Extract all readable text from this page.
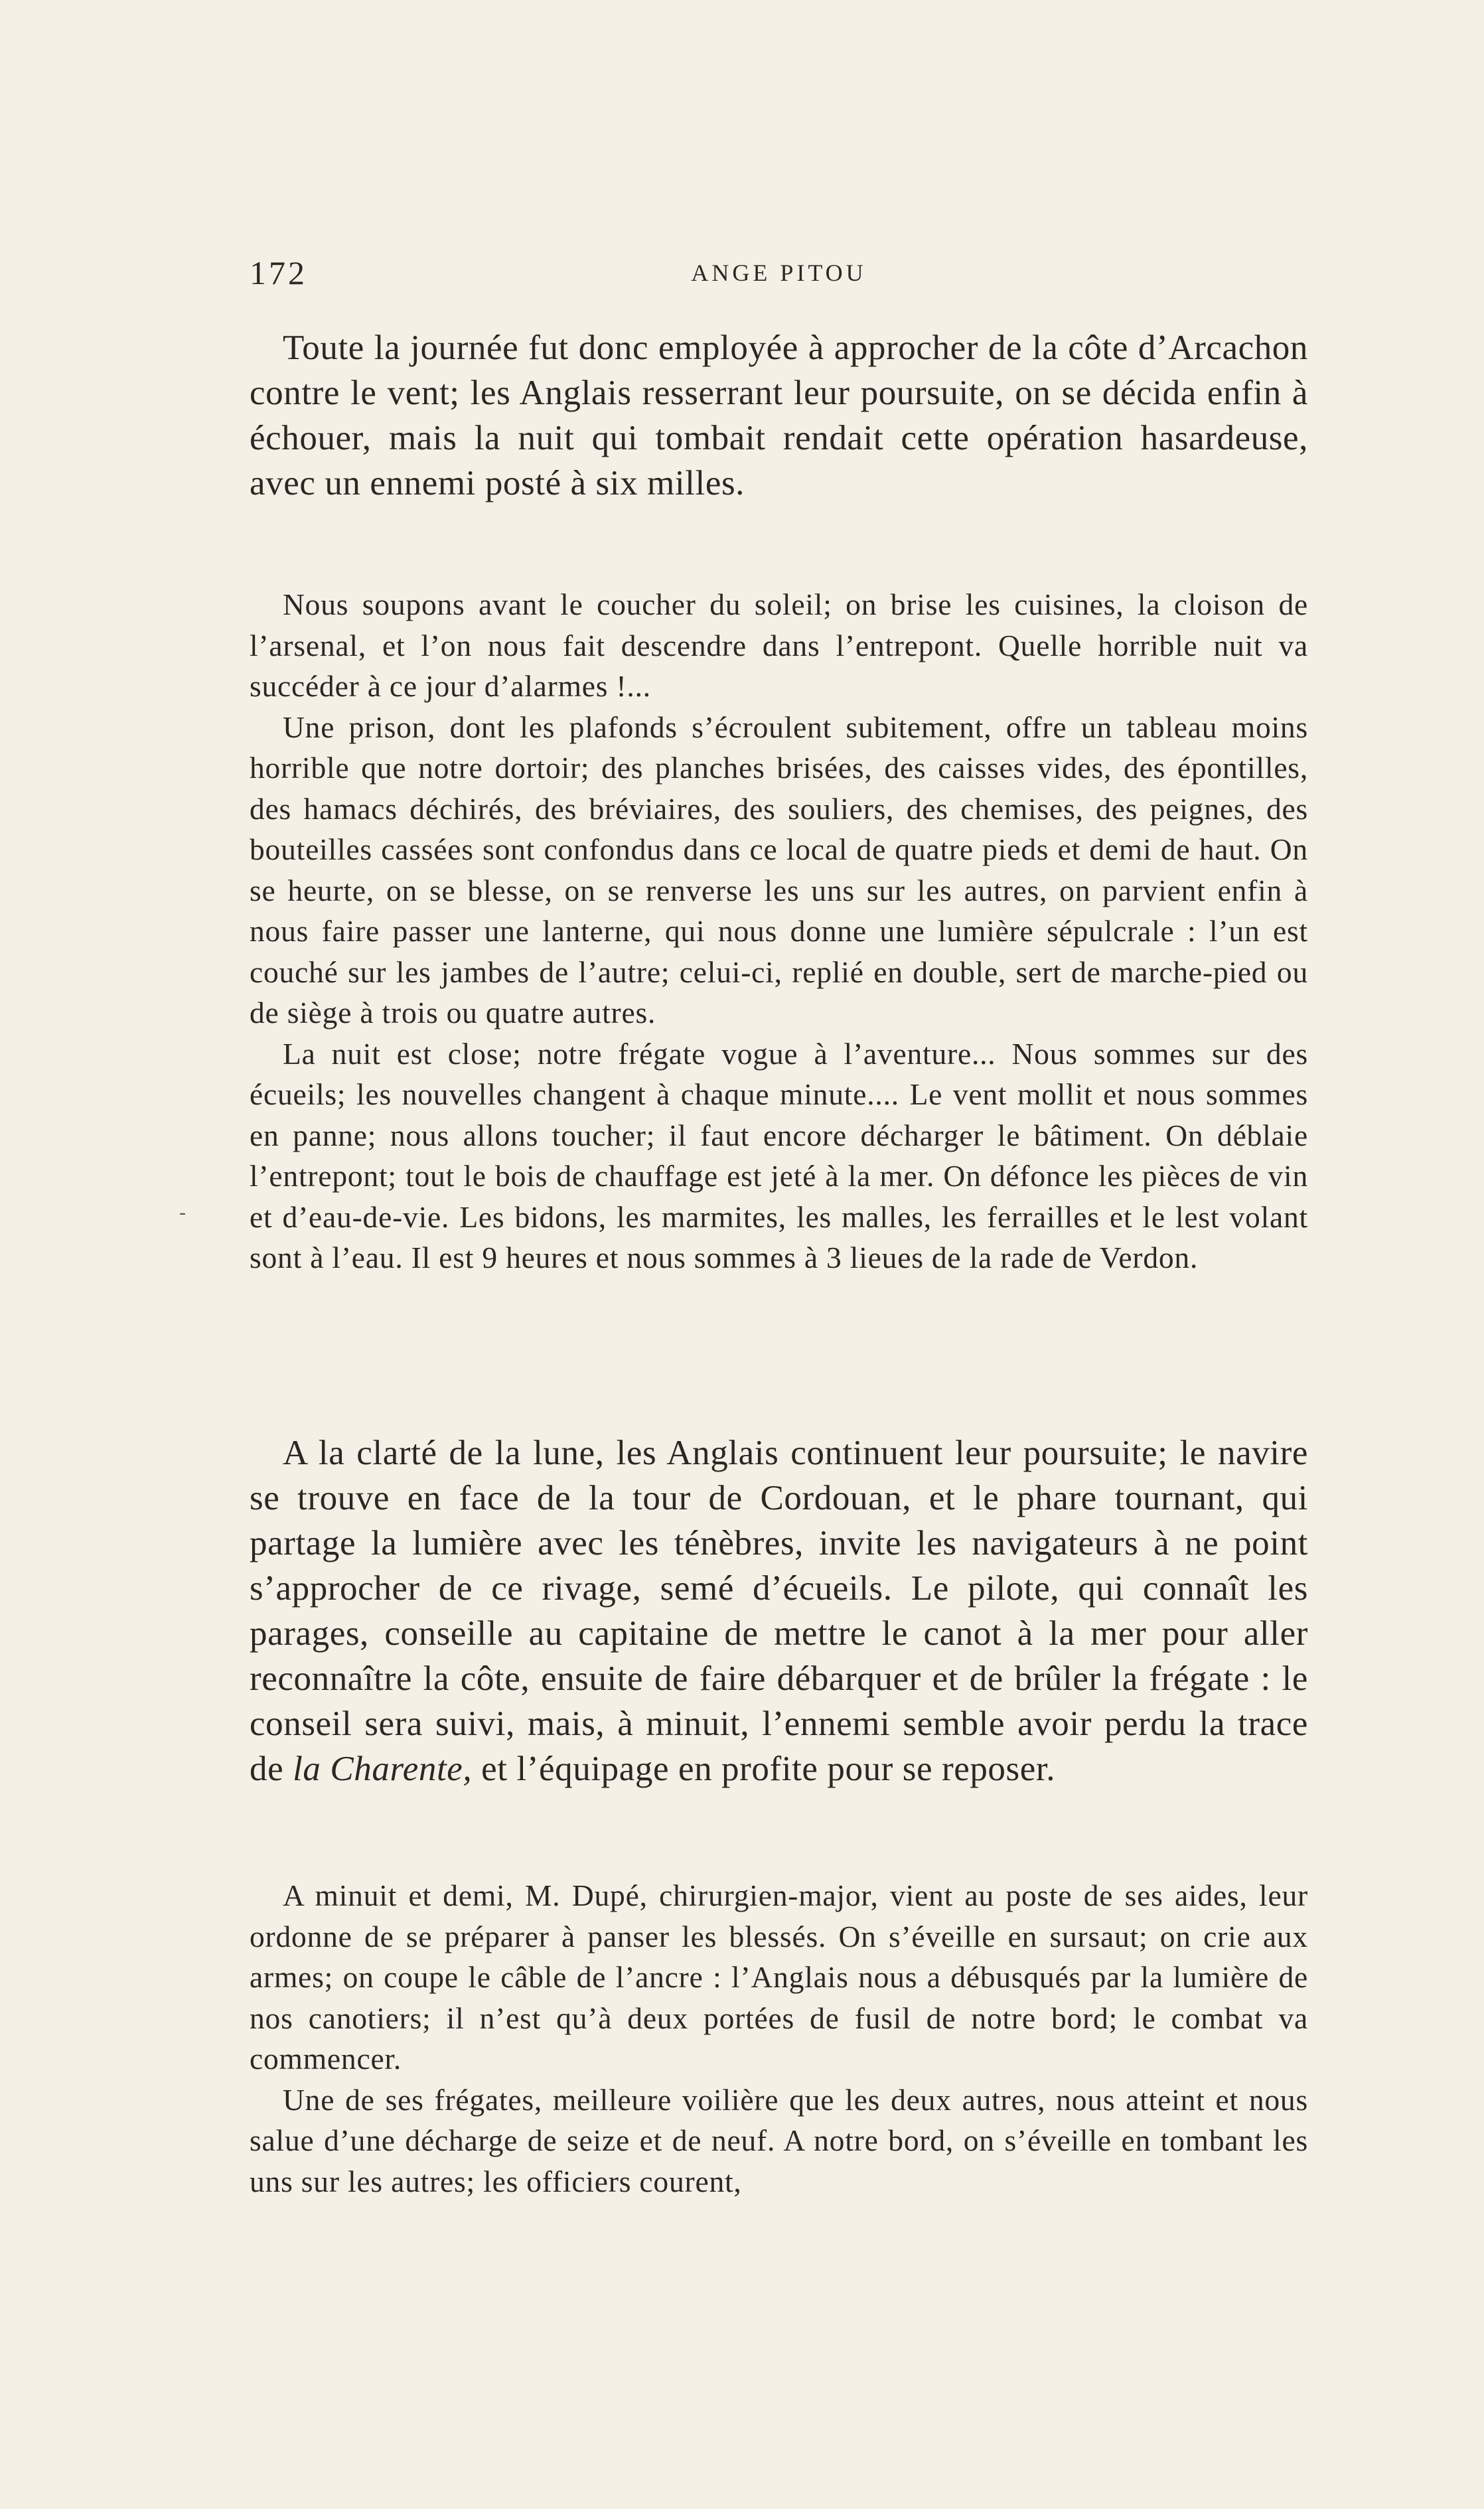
172	ANGE PITOU
-

Toute la journée fut donc employée à approcher de la côte d’Arcachon contre le vent; les Anglais resserrant leur poursuite, on se décida enfin à échouer, mais la nuit qui tombait rendait cette opération hasardeuse, avec un ennemi posté à six milles.

Nous soupons avant le coucher du soleil; on brise les cuisines, la cloison de l’arsenal, et l’on nous fait descendre dans l’entrepont. Quelle horrible nuit va succéder à ce jour d’alarmes !...

Une prison, dont les plafonds s’écroulent subitement, offre un tableau moins horrible que notre dortoir; des planches brisées, des caisses vides, des épontilles, des hamacs déchirés, des bréviaires, des souliers, des chemises, des peignes, des bouteilles cassées sont confondus dans ce local de quatre pieds et demi de haut. On se heurte, on se blesse, on se renverse les uns sur les autres, on parvient enfin à nous faire passer une lanterne, qui nous donne une lumière sépulcrale : l’un est couché sur les jambes de l’autre; celui-ci, replié en double, sert de marche-pied ou de siège à trois ou quatre autres.

La nuit est close; notre frégate vogue à l’aventure... Nous sommes sur des écueils; les nouvelles changent à chaque minute.... Le vent mollit et nous sommes en panne; nous allons toucher; il faut encore décharger le bâtiment. On déblaie l’entrepont; tout le bois de chauffage est jeté à la mer. On défonce les pièces de vin et d’eau-de-vie. Les bidons, les marmites, les malles, les ferrailles et le lest volant sont à l’eau. Il est 9 heures et nous sommes à 3 lieues de la rade de Verdon.

A la clarté de la lune, les Anglais continuent leur poursuite; le navire se trouve en face de la tour de Cordouan, et le phare tournant, qui partage la lumière avec les ténèbres, invite les navigateurs à ne point s’approcher de ce rivage, semé d’écueils. Le pilote, qui connaît les parages, conseille au capitaine de mettre le canot à la mer pour aller reconnaître la côte, ensuite de faire débarquer et de brûler la frégate : le conseil sera suivi, mais, à minuit, l’ennemi semble avoir perdu la trace de la Charente, et l’équipage en profite pour se reposer.

A minuit et demi, M. Dupé, chirurgien-major, vient au poste de ses aides, leur ordonne de se préparer à panser les blessés. On s’éveille en sursaut; on crie aux armes; on coupe le câble de l’ancre : l’Anglais nous a débusqués par la lumière de nos canotiers; il n’est qu’à deux portées de fusil de notre bord; le combat va commencer.

Une de ses frégates, meilleure voilière que les deux autres, nous atteint et nous salue d’une décharge de seize et de neuf. A notre bord, on s’éveille en tombant les uns sur les autres; les officiers courent,
